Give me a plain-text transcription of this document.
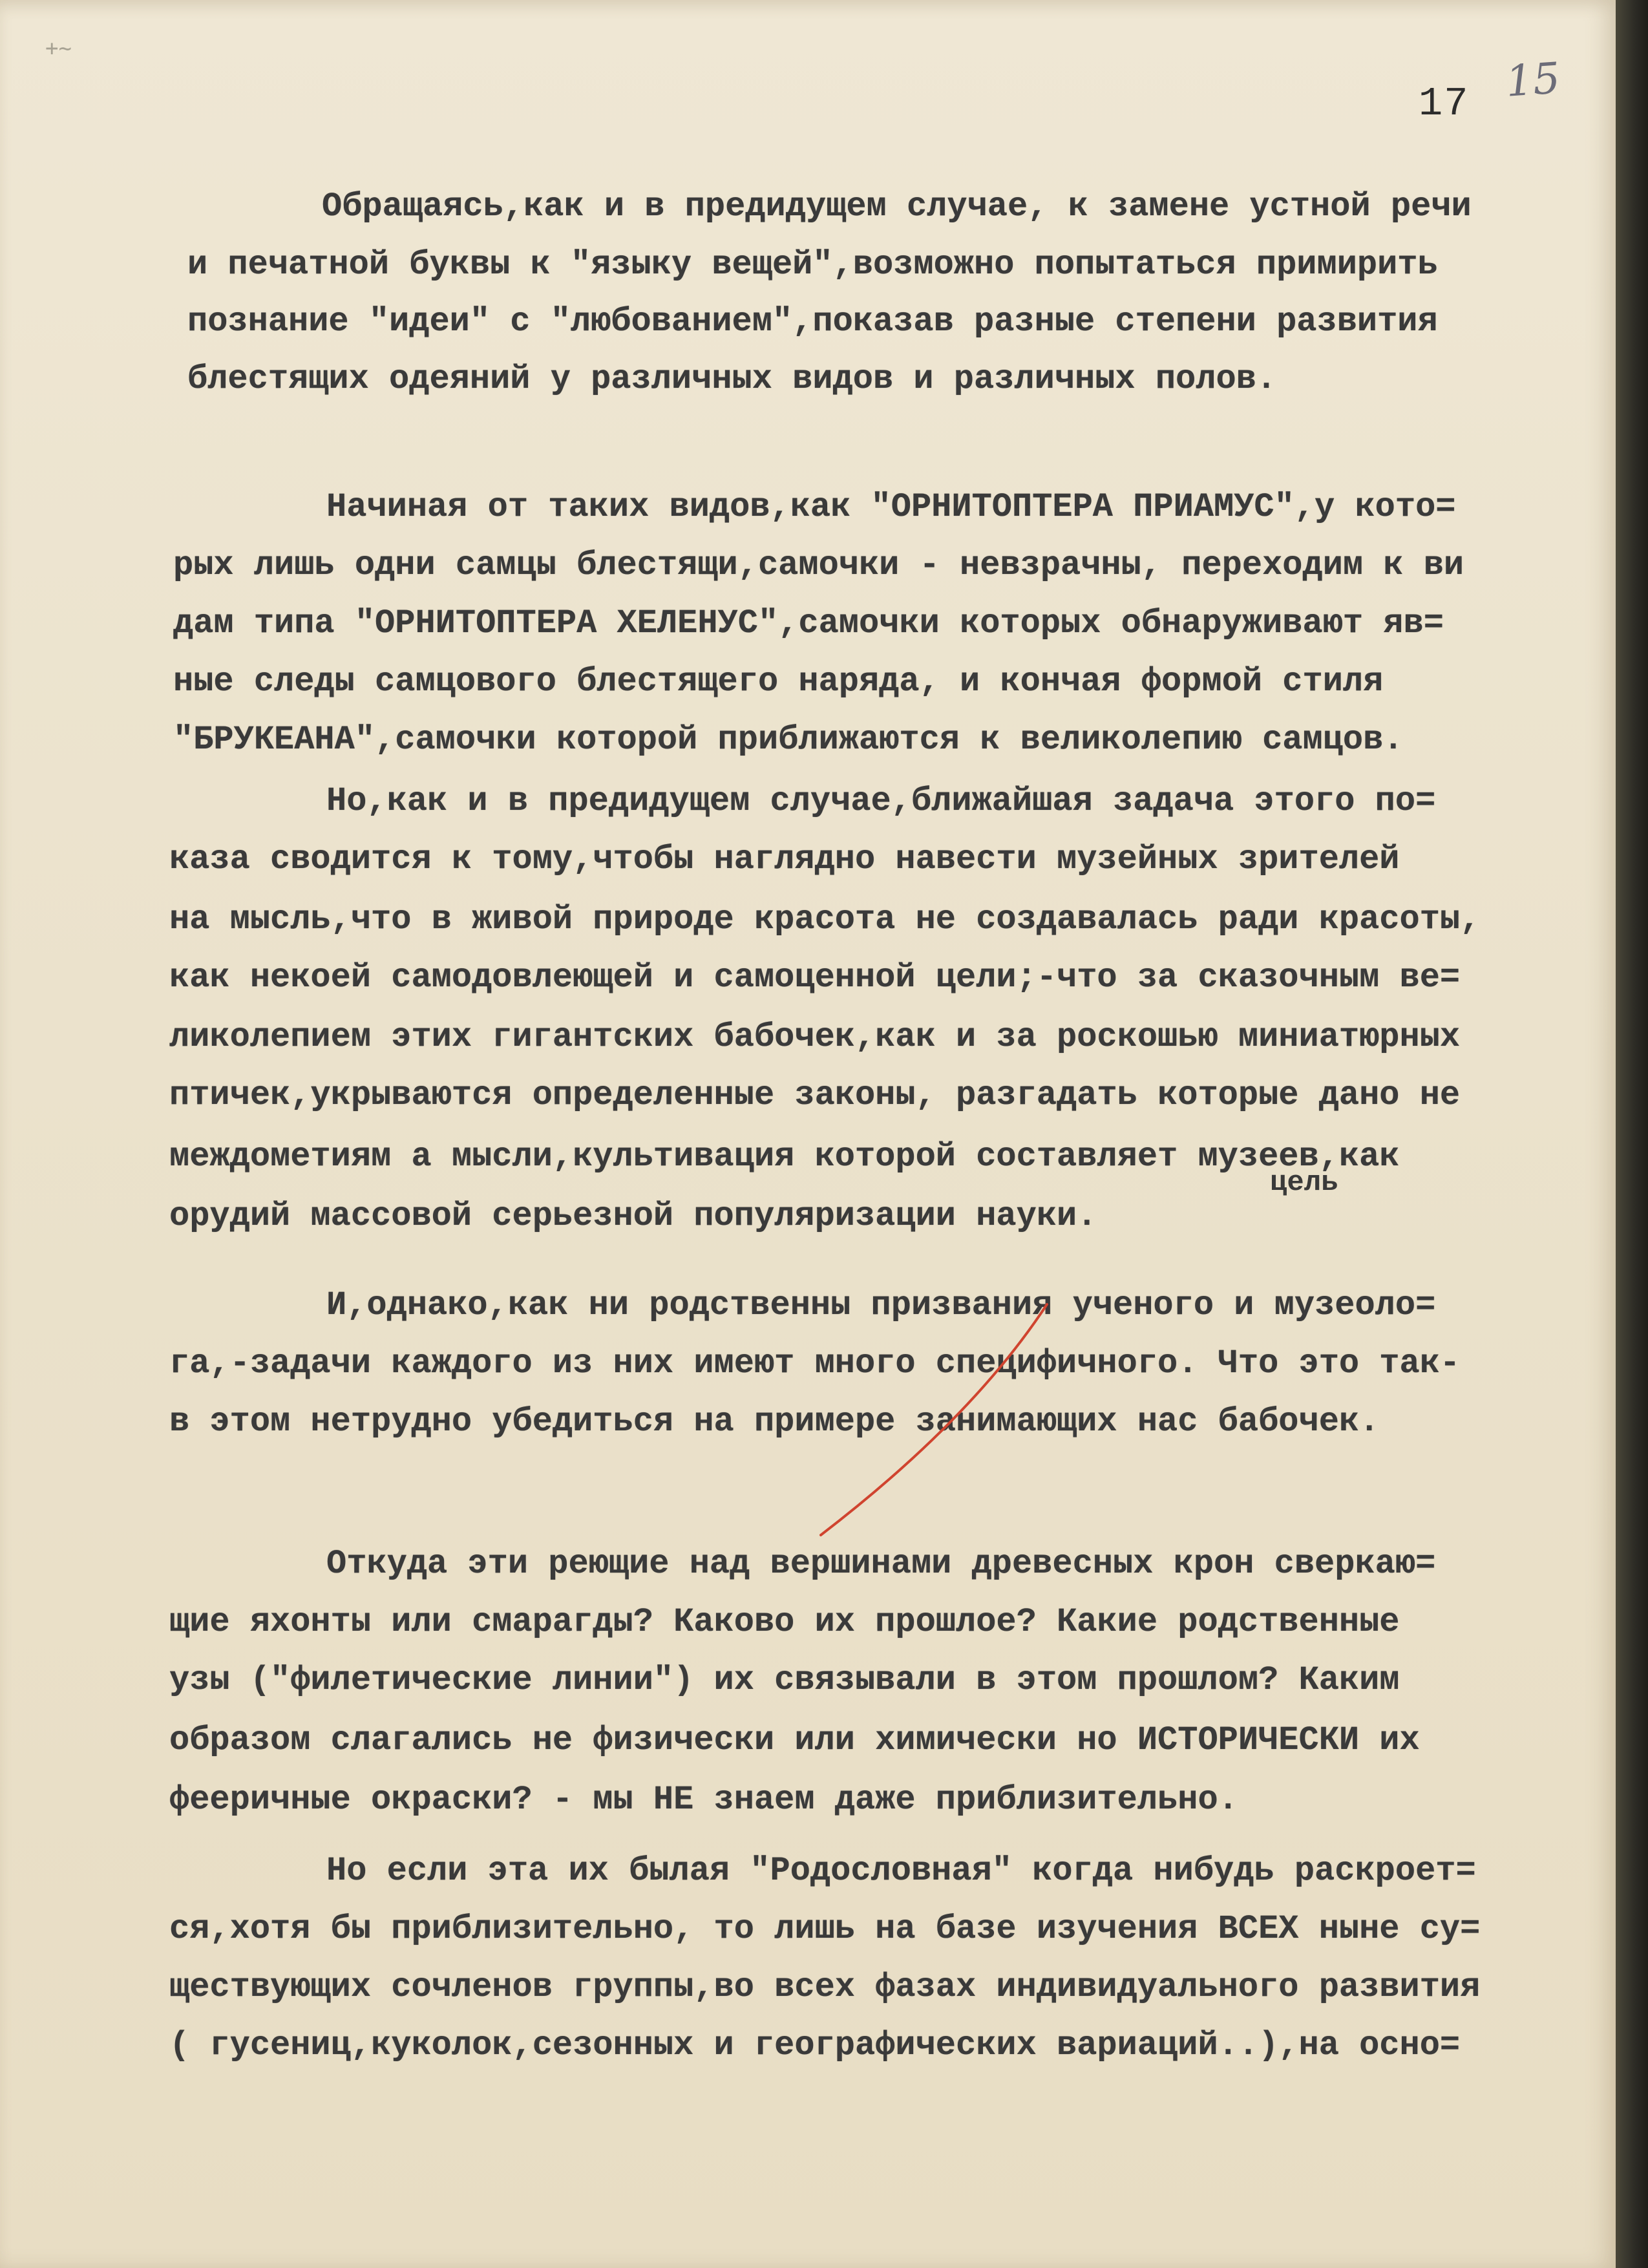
+~
17 15
Обращаясь,как и в предидущем случае, к замене устной речи
и печатной буквы к "языку вещей",возможно попытаться примирить
познание "идеи" с "любованием",показав разные степени развития
блестящих одеяний у различных видов и различных полов.
Начиная от таких видов,как "ОРНИТОПТЕРА ПРИАМУС",у кото=
рых лишь одни самцы блестящи,самочки - невзрачны, переходим к ви
дам типа "ОРНИТОПТЕРА ХЕЛЕНУС",самочки которых обнаруживают яв=
ные следы самцового блестящего наряда, и кончая формой стиля
"БРУКЕАНА",самочки которой приближаются к великолепию самцов.
Но,как и в предидущем случае,ближайшая задача этого по=
каза сводится к тому,чтобы наглядно навести музейных зрителей
на мысль,что в живой природе красота не создавалась ради красоты,
как некоей самодовлеющей и самоценной цели;-что за сказочным ве=
ликолепием этих гигантских бабочек,как и за роскошью миниатюрных
птичек,укрываются определенные законы, разгадать которые дано не
цель
междометиям а мысли,культивация которой составляет музеев,как
орудий массовой серьезной популяризации науки.
И,однако,как ни родственны призвания ученого и музеоло=
га,-задачи каждого из них имеют много специфичного. Что это так-
в этом нетрудно убедиться на примере занимающих нас бабочек.
Откуда эти реющие над вершинами древесных крон сверкаю=
щие яхонты или смарагды? Каково их прошлое? Какие родственные
узы ("филетические линии") их связывали в этом прошлом? Каким
образом слагались не физически или химически но ИСТОРИЧЕСКИ их
фееричные окраски? - мы НЕ знаем даже приблизительно.
Но если эта их былая "Родословная" когда нибудь раскроет=
ся,хотя бы приблизительно, то лишь на базе изучения ВСЕХ ныне су=
ществующих сочленов группы,во всех фазах индивидуального развития
( гусениц,куколок,сезонных и географических вариаций..),на осно=
